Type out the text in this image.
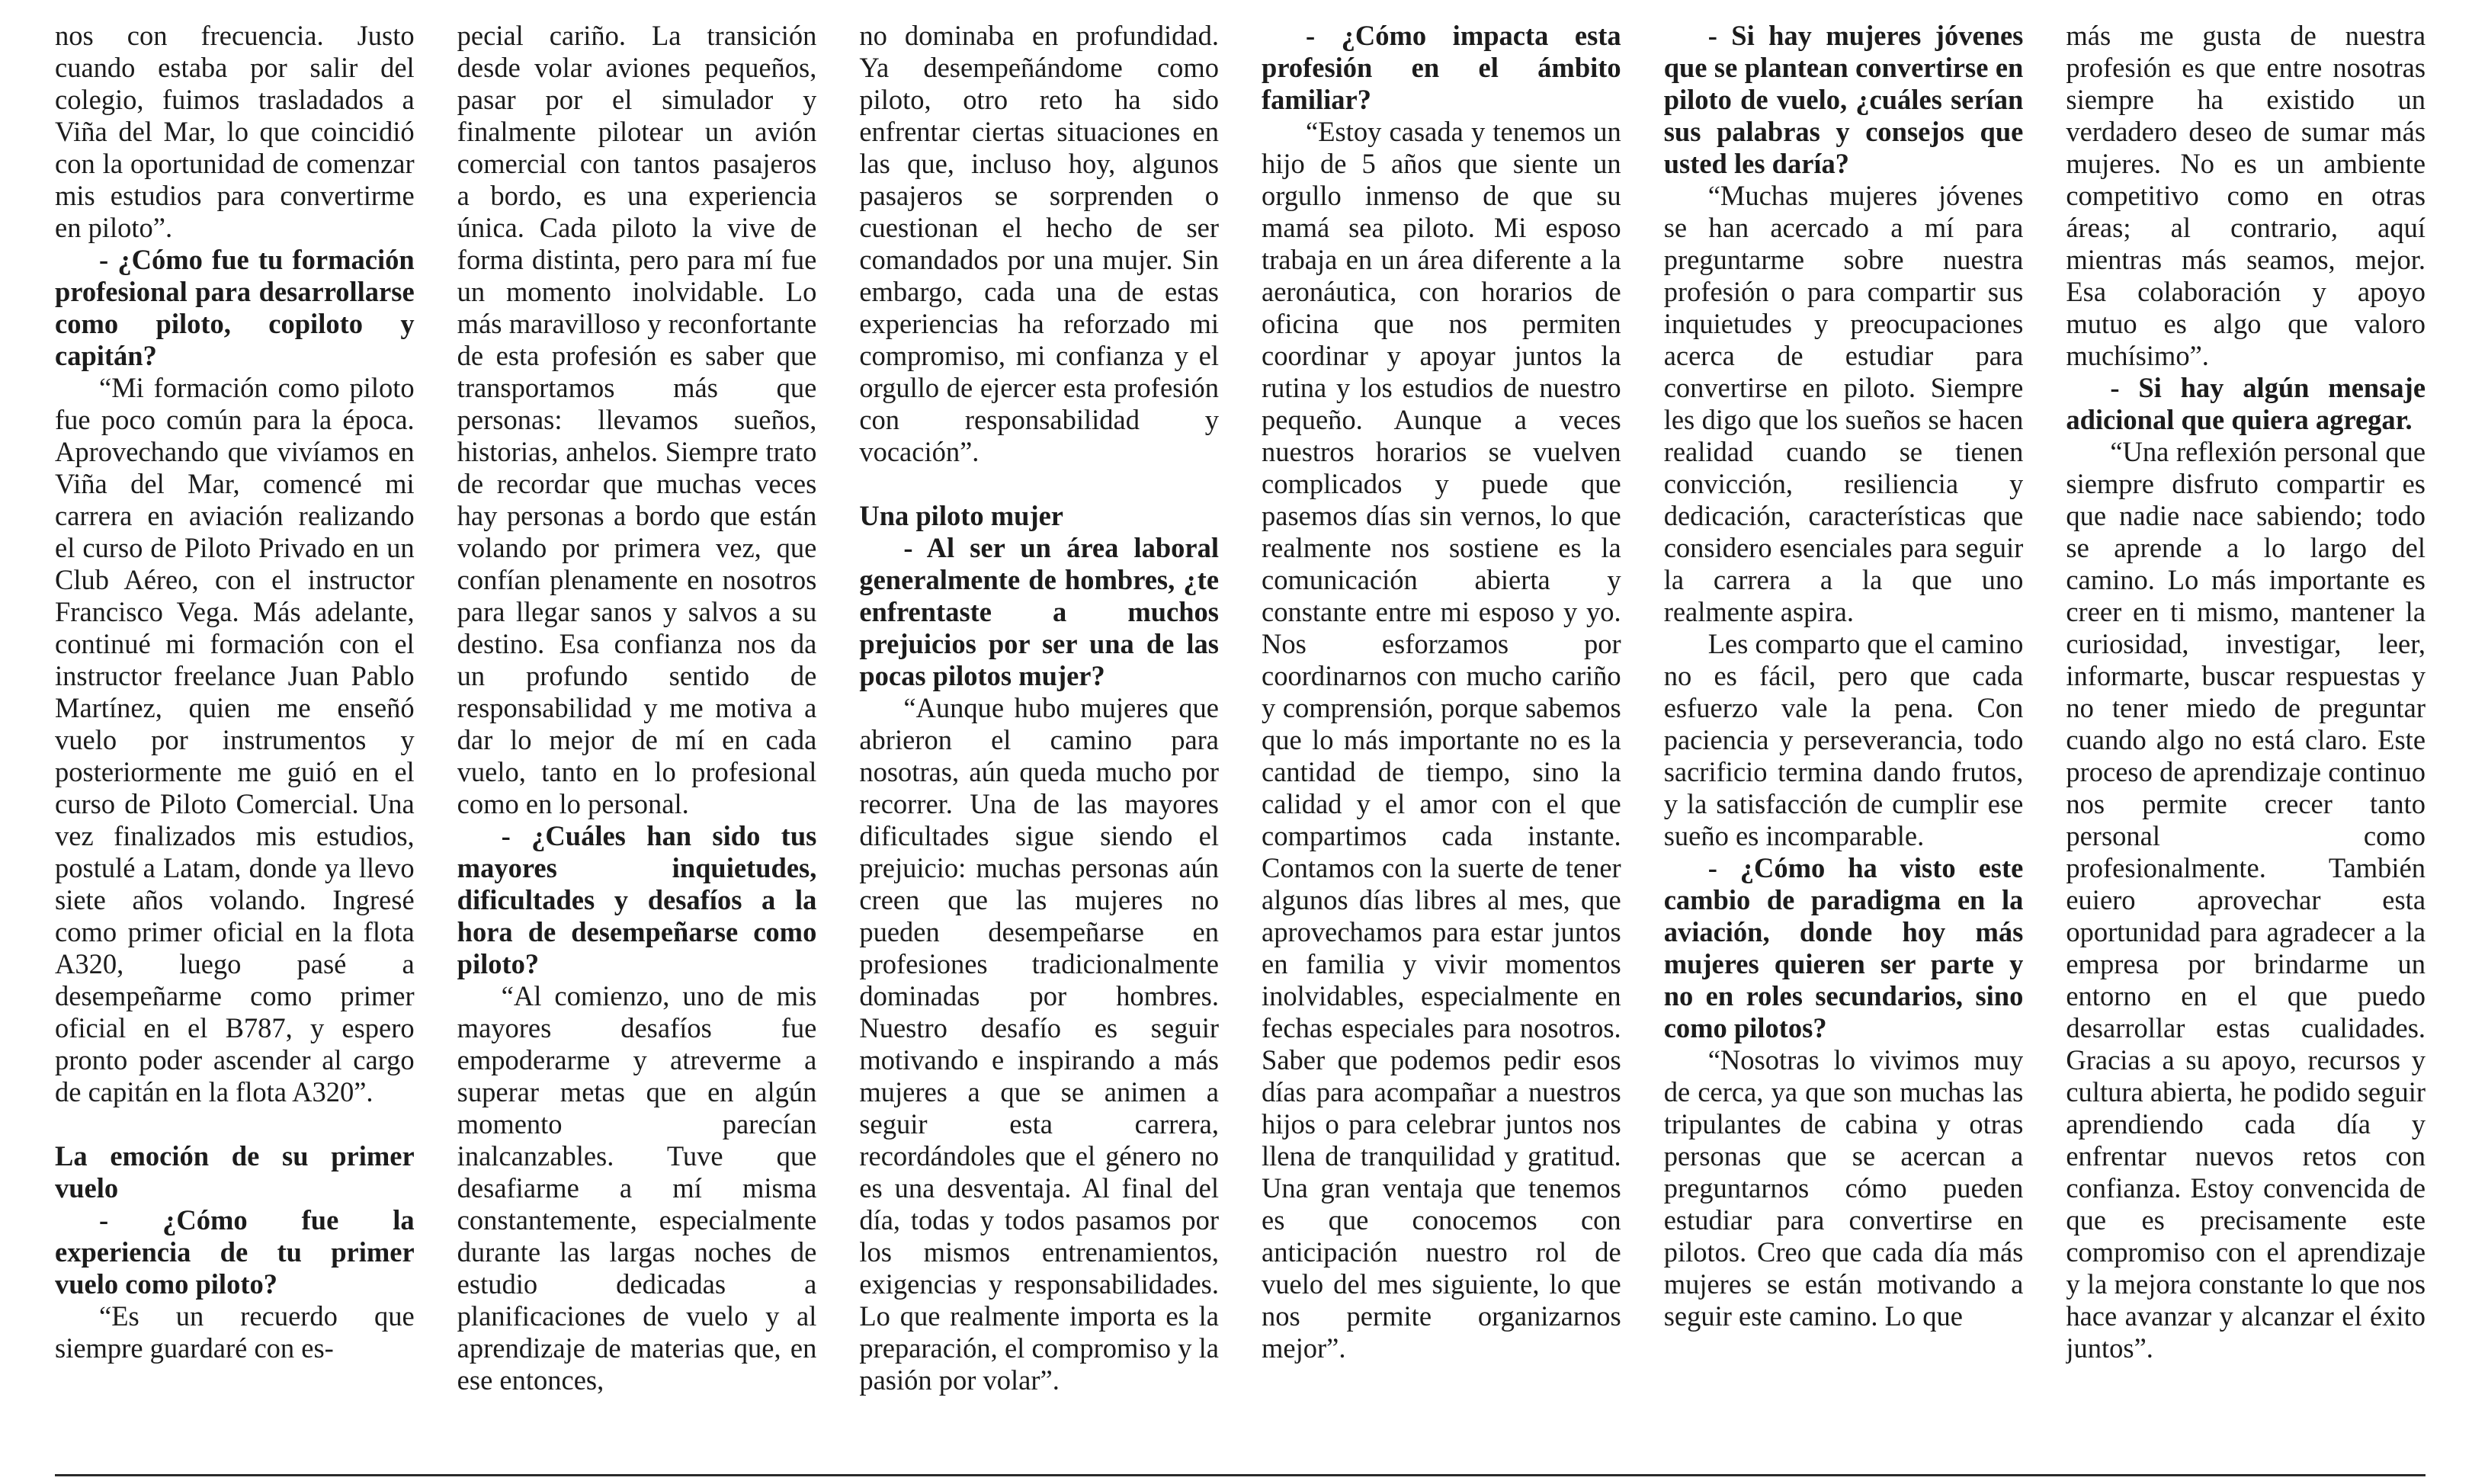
nos con frecuencia. Justo cuando estaba por salir del colegio, fuimos trasladados a Viña del Mar, lo que coincidió con la oportunidad de comenzar mis estudios para convertirme en piloto”.

- ¿Cómo fue tu formación profesional para desarrollarse como piloto, copiloto y capitán?

“Mi formación como piloto fue poco común para la época. Aprovechando que vivíamos en Viña del Mar, comencé mi carrera en aviación realizando el curso de Piloto Privado en un Club Aéreo, con el instructor Francisco Vega. Más adelante, continué mi formación con el instructor freelance Juan Pablo Martínez, quien me enseñó vuelo por instrumentos y posteriormente me guió en el curso de Piloto Comercial. Una vez finalizados mis estudios, postulé a Latam, donde ya llevo siete años volando. Ingresé como primer oficial en la flota A320, luego pasé a desempeñarme como primer oficial en el B787, y espero pronto poder ascender al cargo de capitán en la flota A320”.

La emoción de su primer vuelo

- ¿Cómo fue la experiencia de tu primer vuelo como piloto?

“Es un recuerdo que siempre guardaré con es-

pecial cariño. La transición desde volar aviones pequeños, pasar por el simulador y finalmente pilotear un avión comercial con tantos pasajeros a bordo, es una experiencia única. Cada piloto la vive de forma distinta, pero para mí fue un momento inolvidable. Lo más maravilloso y reconfortante de esta profesión es saber que transportamos más que personas: llevamos sueños, historias, anhelos. Siempre trato de recordar que muchas veces hay personas a bordo que están volando por primera vez, que confían plenamente en nosotros para llegar sanos y salvos a su destino. Esa confianza nos da un profundo sentido de responsabilidad y me motiva a dar lo mejor de mí en cada vuelo, tanto en lo profesional como en lo personal.

- ¿Cuáles han sido tus mayores inquietudes, dificultades y desafíos a la hora de desempeñarse como piloto?

“Al comienzo, uno de mis mayores desafíos fue empoderarme y atreverme a superar metas que en algún momento parecían inalcanzables. Tuve que desafiarme a mí misma constantemente, especialmente durante las largas noches de estudio dedicadas a planificaciones de vuelo y al aprendizaje de materias que, en ese entonces,

no dominaba en profundidad. Ya desempeñándome como piloto, otro reto ha sido enfrentar ciertas situaciones en las que, incluso hoy, algunos pasajeros se sorprenden o cuestionan el hecho de ser comandados por una mujer. Sin embargo, cada una de estas experiencias ha reforzado mi compromiso, mi confianza y el orgullo de ejercer esta profesión con responsabilidad y vocación”.

Una piloto mujer

- Al ser un área laboral generalmente de hombres, ¿te enfrentaste a muchos prejuicios por ser una de las pocas pilotos mujer?

“Aunque hubo mujeres que abrieron el camino para nosotras, aún queda mucho por recorrer. Una de las mayores dificultades sigue siendo el prejuicio: muchas personas aún creen que las mujeres no pueden desempeñarse en profesiones tradicionalmente dominadas por hombres. Nuestro desafío es seguir motivando e inspirando a más mujeres a que se animen a seguir esta carrera, recordándoles que el género no es una desventaja. Al final del día, todas y todos pasamos por los mismos entrenamientos, exigencias y responsabilidades. Lo que realmente importa es la preparación, el compromiso y la pasión por volar”.

- ¿Cómo impacta esta profesión en el ámbito familiar?

“Estoy casada y tenemos un hijo de 5 años que siente un orgullo inmenso de que su mamá sea piloto. Mi esposo trabaja en un área diferente a la aeronáutica, con horarios de oficina que nos permiten coordinar y apoyar juntos la rutina y los estudios de nuestro pequeño. Aunque a veces nuestros horarios se vuelven complicados y puede que pasemos días sin vernos, lo que realmente nos sostiene es la comunicación abierta y constante entre mi esposo y yo. Nos esforzamos por coordinarnos con mucho cariño y comprensión, porque sabemos que lo más importante no es la cantidad de tiempo, sino la calidad y el amor con el que compartimos cada instante. Contamos con la suerte de tener algunos días libres al mes, que aprovechamos para estar juntos en familia y vivir momentos inolvidables, especialmente en fechas especiales para nosotros. Saber que podemos pedir esos días para acompañar a nuestros hijos o para celebrar juntos nos llena de tranquilidad y gratitud. Una gran ventaja que tenemos es que conocemos con anticipación nuestro rol de vuelo del mes siguiente, lo que nos permite organizarnos mejor”.

- Si hay mujeres jóvenes que se plantean convertirse en piloto de vuelo, ¿cuáles serían sus palabras y consejos que usted les daría?

“Muchas mujeres jóvenes se han acercado a mí para preguntarme sobre nuestra profesión o para compartir sus inquietudes y preocupaciones acerca de estudiar para convertirse en piloto. Siempre les digo que los sueños se hacen realidad cuando se tienen convicción, resiliencia y dedicación, características que considero esenciales para seguir la carrera a la que uno realmente aspira.

Les comparto que el camino no es fácil, pero que cada esfuerzo vale la pena. Con paciencia y perseverancia, todo sacrificio termina dando frutos, y la satisfacción de cumplir ese sueño es incomparable.

- ¿Cómo ha visto este cambio de paradigma en la aviación, donde hoy más mujeres quieren ser parte y no en roles secundarios, sino como pilotos?

“Nosotras lo vivimos muy de cerca, ya que son muchas las tripulantes de cabina y otras personas que se acercan a preguntarnos cómo pueden estudiar para convertirse en pilotos. Creo que cada día más mujeres se están motivando a seguir este camino. Lo que

más me gusta de nuestra profesión es que entre nosotras siempre ha existido un verdadero deseo de sumar más mujeres. No es un ambiente competitivo como en otras áreas; al contrario, aquí mientras más seamos, mejor. Esa colaboración y apoyo mutuo es algo que valoro muchísimo”.

- Si hay algún mensaje adicional que quiera agregar.

“Una reflexión personal que siempre disfruto compartir es que nadie nace sabiendo; todo se aprende a lo largo del camino. Lo más importante es creer en ti mismo, mantener la curiosidad, investigar, leer, informarte, buscar respuestas y no tener miedo de preguntar cuando algo no está claro. Este proceso de aprendizaje continuo nos permite crecer tanto personal como profesionalmente. También euiero aprovechar esta oportunidad para agradecer a la empresa por brindarme un entorno en el que puedo desarrollar estas cualidades. Gracias a su apoyo, recursos y cultura abierta, he podido seguir aprendiendo cada día y enfrentar nuevos retos con confianza. Estoy convencida de que es precisamente este compromiso con el aprendizaje y la mejora constante lo que nos hace avanzar y alcanzar el éxito juntos”.
